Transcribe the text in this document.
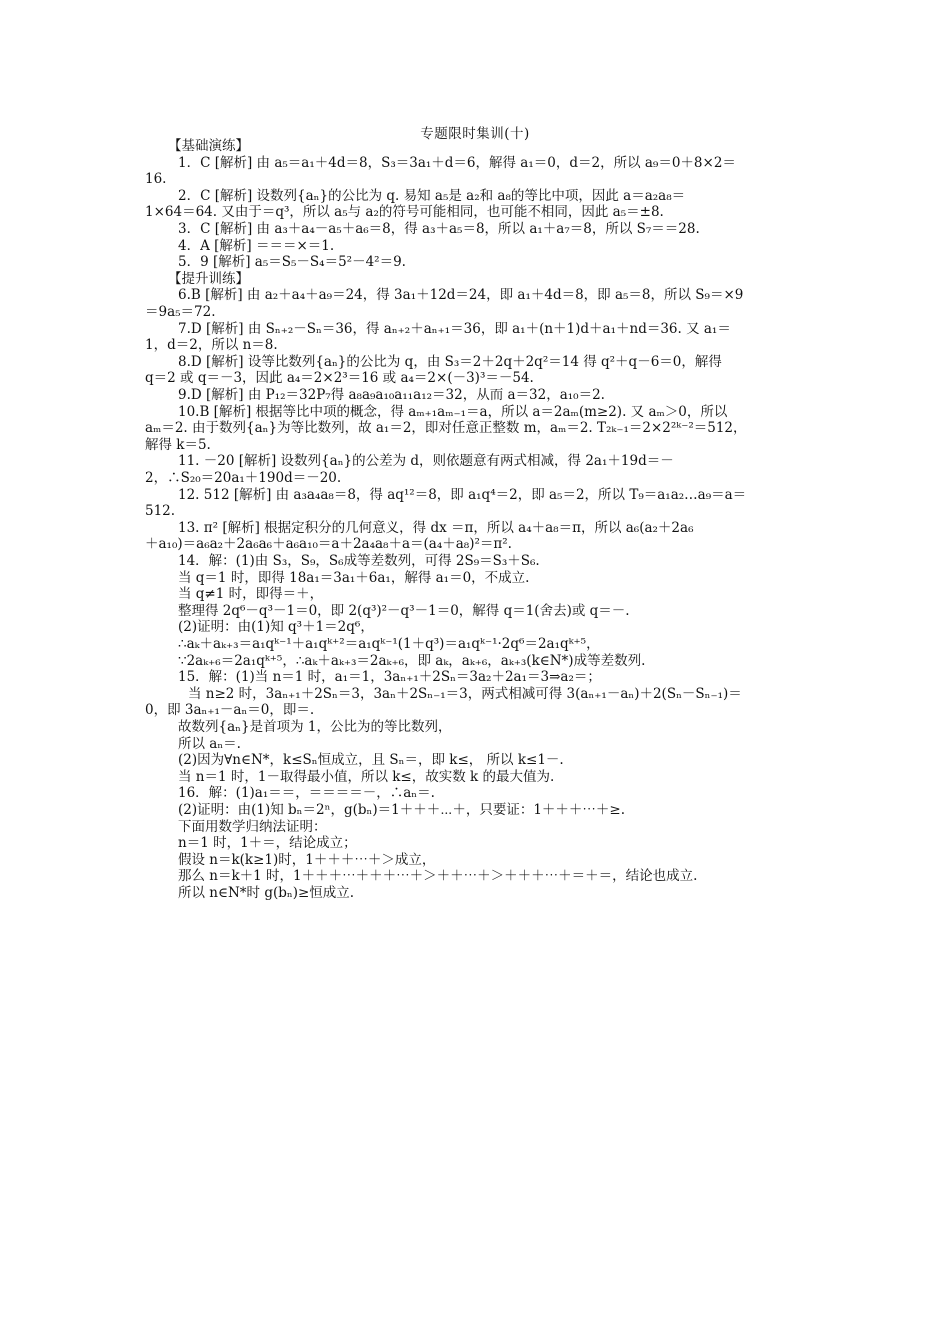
专题限时集训(十)
【基础演练】
1．C [解析] 由 a₅＝a₁＋4d＝8，S₃＝3a₁＋d＝6，解得 a₁＝0，d＝2，所以 a₉＝0＋8×2＝
16.
2．C [解析] 设数列{aₙ}的公比为 q. 易知 a₅是 a₂和 a₈的等比中项，因此 a＝a₂a₈＝
1×64＝64. 又由于＝q³，所以 a₅与 a₂的符号可能相同，也可能不相同，因此 a₅＝±8.
3．C [解析] 由 a₃＋a₄－a₅＋a₆＝8，得 a₃＋a₅＝8，所以 a₁＋a₇＝8，所以 S₇＝＝28.
4．A [解析] ＝＝＝×＝1.
5．9 [解析] a₅＝S₅－S₄＝5²－4²＝9.
【提升训练】
6.B [解析] 由 a₂＋a₄＋a₉＝24，得 3a₁＋12d＝24，即 a₁＋4d＝8，即 a₅＝8，所以 S₉＝×9
＝9a₅＝72.
7.D [解析] 由 Sₙ₊₂－Sₙ＝36，得 aₙ₊₂＋aₙ₊₁＝36，即 a₁＋(n＋1)d＋a₁＋nd＝36. 又 a₁＝
1，d＝2，所以 n＝8.
8.D [解析] 设等比数列{aₙ}的公比为 q，由 S₃＝2＋2q＋2q²＝14 得 q²＋q－6＝0，解得
q＝2 或 q＝－3，因此 a₄＝2×2³＝16 或 a₄＝2×(－3)³＝－54.
9.D [解析] 由 P₁₂＝32P₇得 a₈a₉a₁₀a₁₁a₁₂＝32，从而 a＝32，a₁₀＝2.
10.B [解析] 根据等比中项的概念，得 aₘ₊₁aₘ₋₁＝a，所以 a＝2aₘ(m≥2). 又 aₘ＞0，所以
aₘ＝2. 由于数列{aₙ}为等比数列，故 a₁＝2，即对任意正整数 m，aₘ＝2. T₂ₖ₋₁＝2×2²ᵏ⁻²＝512，
解得 k＝5.
11. －20 [解析] 设数列{aₙ}的公差为 d，则依题意有两式相减，得 2a₁＋19d＝－
2，∴S₂₀＝20a₁＋190d＝－20.
12. 512 [解析] 由 a₃a₄a₈＝8，得 aq¹²＝8，即 a₁q⁴＝2，即 a₅＝2，所以 T₉＝a₁a₂…a₉＝a＝
512.
13. π² [解析] 根据定积分的几何意义，得 dx ＝π，所以 a₄＋a₈＝π，所以 a₆(a₂＋2a₆
＋a₁₀)＝a₆a₂＋2a₆a₆＋a₆a₁₀＝a＋2a₄a₈＋a＝(a₄＋a₈)²＝π².
14．解：(1)由 S₃，S₉，S₆成等差数列，可得 2S₉＝S₃＋S₆.
当 q＝1 时，即得 18a₁＝3a₁＋6a₁，解得 a₁＝0，不成立.
当 q≠1 时，即得＝＋，
整理得 2q⁶－q³－1＝0，即 2(q³)²－q³－1＝0，解得 q＝1(舍去)或 q＝－.
(2)证明：由(1)知 q³＋1＝2q⁶，
∴aₖ＋aₖ₊₃＝a₁qᵏ⁻¹＋a₁qᵏ⁺²＝a₁qᵏ⁻¹(1＋q³)＝a₁qᵏ⁻¹·2q⁶＝2a₁qᵏ⁺⁵，
∵2aₖ₊₆＝2a₁qᵏ⁺⁵，∴aₖ＋aₖ₊₃＝2aₖ₊₆，即 aₖ，aₖ₊₆，aₖ₊₃(k∈N*)成等差数列.
15．解：(1)当 n＝1 时，a₁＝1，3aₙ₊₁＋2Sₙ＝3a₂＋2a₁＝3⇒a₂＝；
当 n≥2 时，3aₙ₊₁＋2Sₙ＝3，3aₙ＋2Sₙ₋₁＝3，两式相减可得 3(aₙ₊₁－aₙ)＋2(Sₙ－Sₙ₋₁)＝
0，即 3aₙ₊₁－aₙ＝0，即＝.
故数列{aₙ}是首项为 1，公比为的等比数列，
所以 aₙ＝.
(2)因为∀n∈N*，k≤Sₙ恒成立，且 Sₙ＝，即 k≤， 所以 k≤1－.
当 n＝1 时，1－取得最小值，所以 k≤，故实数 k 的最大值为.
16．解：(1)a₁＝＝，＝＝＝＝－，∴aₙ＝.
(2)证明：由(1)知 bₙ＝2ⁿ，g(bₙ)＝1＋＋＋⋯＋，只要证：1＋＋＋⋯＋≥.
下面用数学归纳法证明：
n＝1 时，1＋＝，结论成立；
假设 n＝k(k≥1)时，1＋＋＋⋯＋＞成立，
那么 n＝k＋1 时，1＋＋＋⋯＋＋＋⋯＋＞＋＋⋯＋＞＋＋＋⋯＋＝＋＝，结论也成立.
所以 n∈N*时 g(bₙ)≥恒成立.
